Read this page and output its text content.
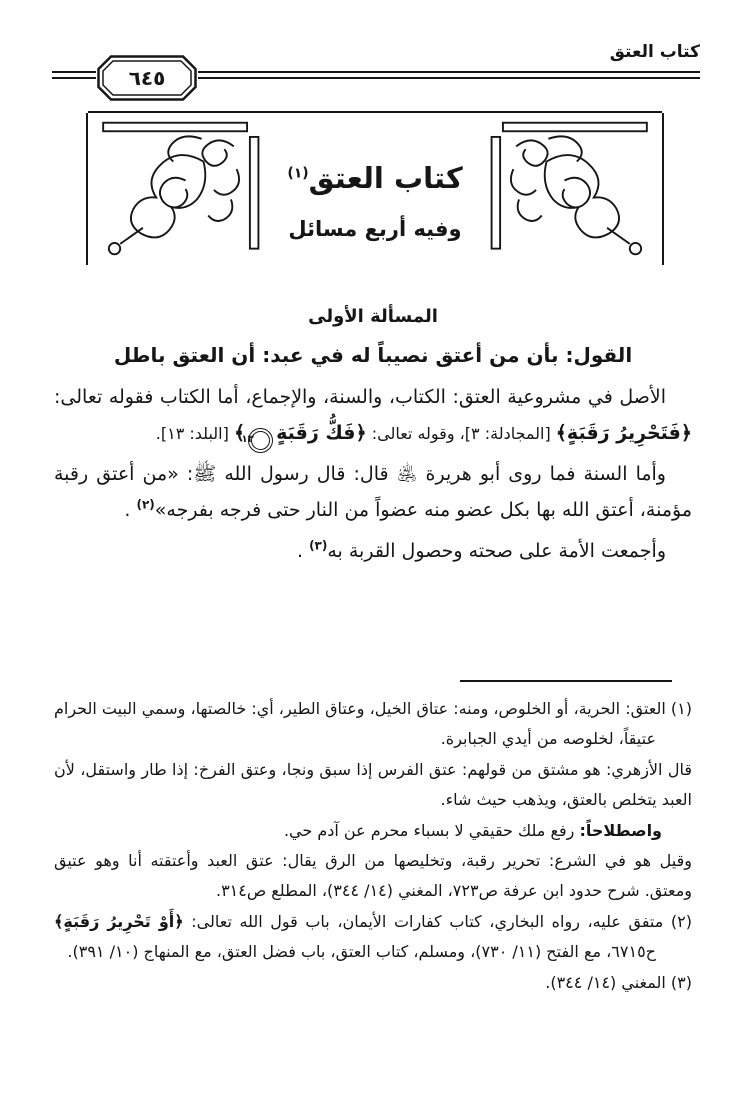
كتاب العتق
٦٤٥
كتاب العتق$^{(١)}$
وفيه أربع مسائل
المسألة الأولى
القول: بأن من أعتق نصيباً له في عبد: أن العتق باطل

الأصل في مشروعية العتق: الكتاب، والسنة، والإجماع، أما الكتاب فقوله تعالى: ﴿فَتَحْرِيرُ رَقَبَةٍ﴾ [المجادلة: ٣]، وقوله تعالى: ﴿فَكُّ رَقَبَةٍ١٣﴾ [البلد: ١٣].

وأما السنة فما روى أبو هريرة ﵁ قال: قال رسول الله ﷺ: «من أعتق رقبة مؤمنة، أعتق الله بها بكل عضو منه عضواً من النار حتى فرجه بفرجه»$^{(٢)}$ .

وأجمعت الأمة على صحته وحصول القربة به$^{(٣)}$ .

(١) العتق: الحرية، أو الخلوص، ومنه: عتاق الخيل، وعتاق الطير، أي: خالصتها، وسمي البيت الحرام عتيقاً، لخلوصه من أيدي الجبابرة.
قال الأزهري: هو مشتق من قولهم: عتق الفرس إذا سبق ونجا، وعتق الفرخ: إذا طار واستقل، لأن العبد يتخلص بالعتق، ويذهب حيث شاء.
واصطلاحاً: رفع ملك حقيقي لا بسباء محرم عن آدم حي.
وقيل هو في الشرع: تحرير رقبة، وتخليصها من الرق يقال: عتق العبد وأعتقته أنا وهو عتيق ومعتق. شرح حدود ابن عرفة ص٧٢٣، المغني (١٤/ ٣٤٤)، المطلع ص٣١٤.
(٢) متفق عليه، رواه البخاري، كتاب كفارات الأيمان، باب قول الله تعالى: ﴿أَوْ تَحْرِيرُ رَقَبَةٍ﴾ ح٦٧١٥، مع الفتح (١١/ ٧٣٠)، ومسلم، كتاب العتق، باب فضل العتق، مع المنهاج (١٠/ ٣٩١).
(٣) المغني (١٤/ ٣٤٤).
